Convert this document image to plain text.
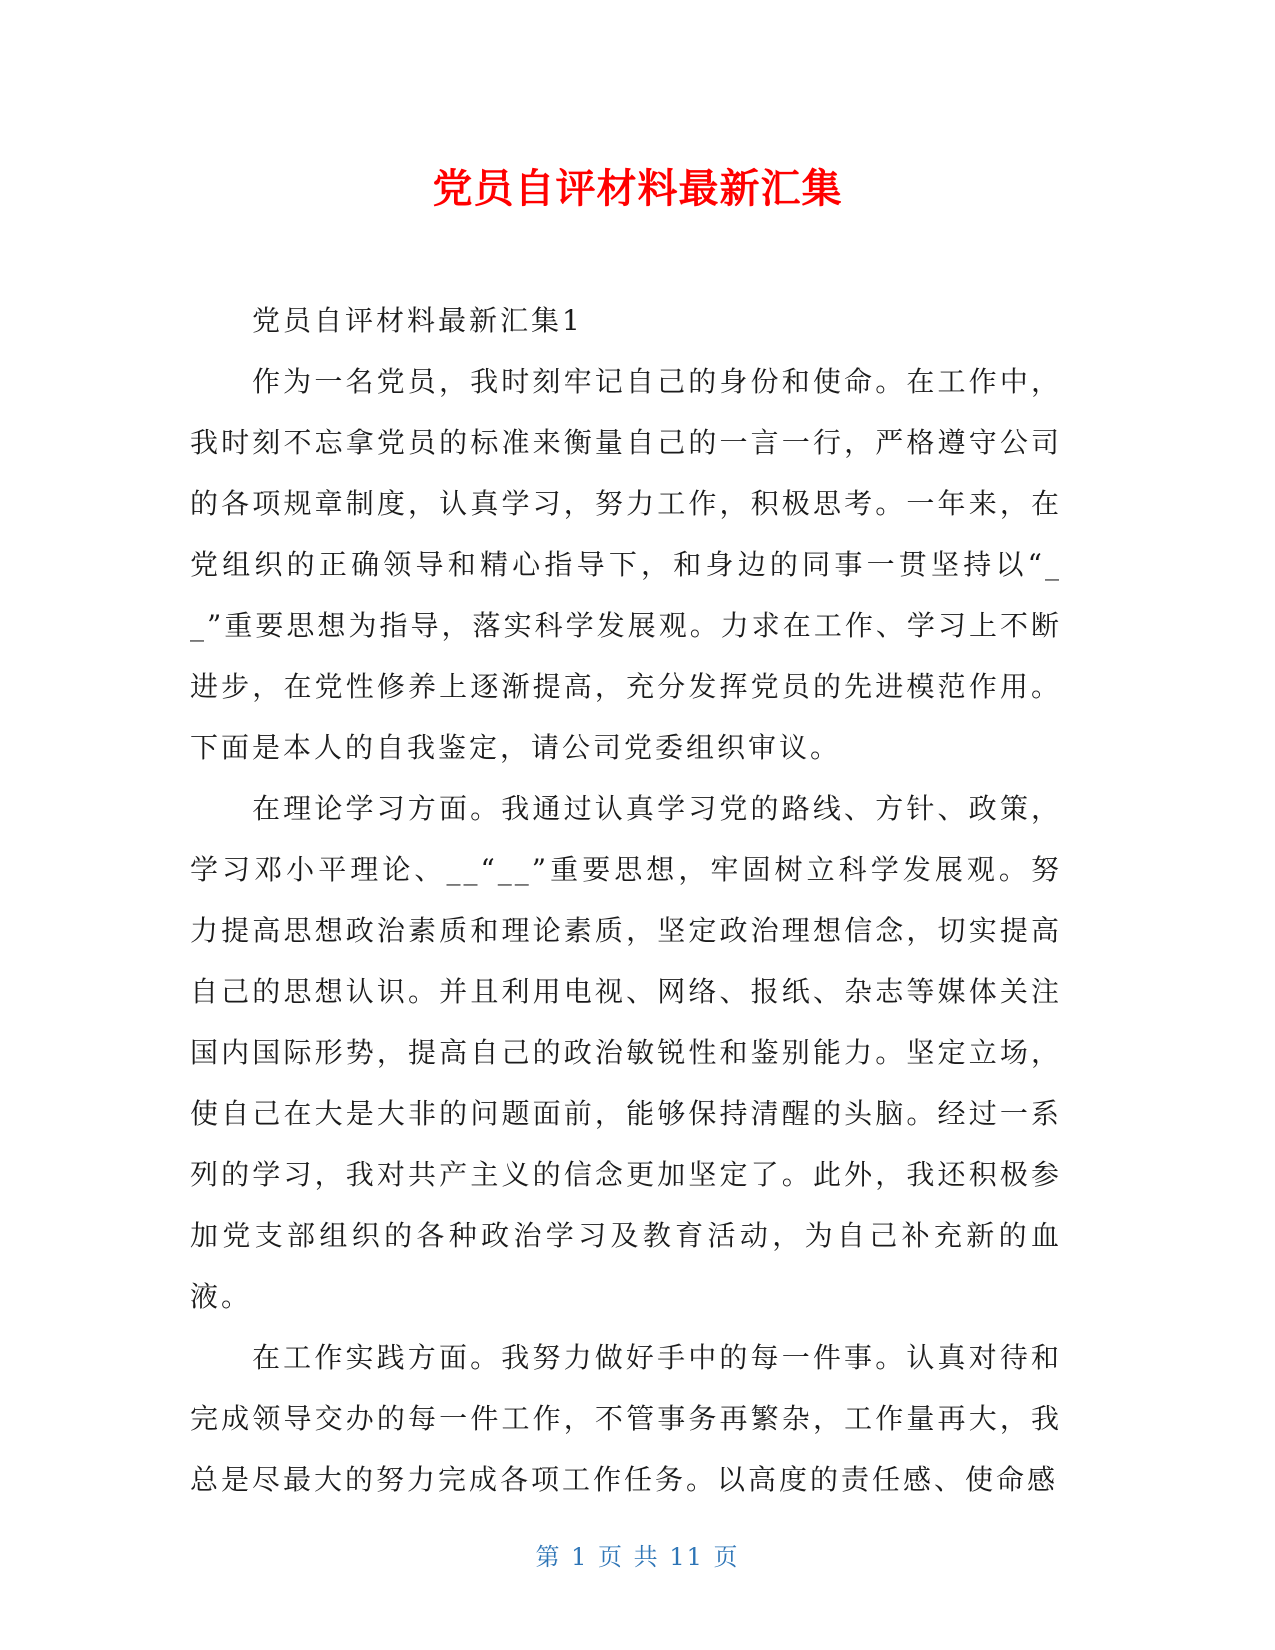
党员自评材料最新汇集

党员自评材料最新汇集1

作为一名党员，我时刻牢记自己的身份和使命。在工作中，我时刻不忘拿党员的标准来衡量自己的一言一行，严格遵守公司的各项规章制度，认真学习，努力工作，积极思考。一年来，在党组织的正确领导和精心指导下，和身边的同事一贯坚持以“__”重要思想为指导，落实科学发展观。力求在工作、学习上不断进步，在党性修养上逐渐提高，充分发挥党员的先进模范作用。下面是本人的自我鉴定，请公司党委组织审议。

在理论学习方面。我通过认真学习党的路线、方针、政策，学习邓小平理论、__“__”重要思想，牢固树立科学发展观。努力提高思想政治素质和理论素质，坚定政治理想信念，切实提高自己的思想认识。并且利用电视、网络、报纸、杂志等媒体关注国内国际形势，提高自己的政治敏锐性和鉴别能力。坚定立场，使自己在大是大非的问题面前，能够保持清醒的头脑。经过一系列的学习，我对共产主义的信念更加坚定了。此外，我还积极参加党支部组织的各种政治学习及教育活动，为自己补充新的血液。

在工作实践方面。我努力做好手中的每一件事。认真对待和完成领导交办的每一件工作，不管事务再繁杂，工作量再大，我总是尽最大的努力完成各项工作任务。以高度的责任感、使命感

第 1 页 共 11 页
